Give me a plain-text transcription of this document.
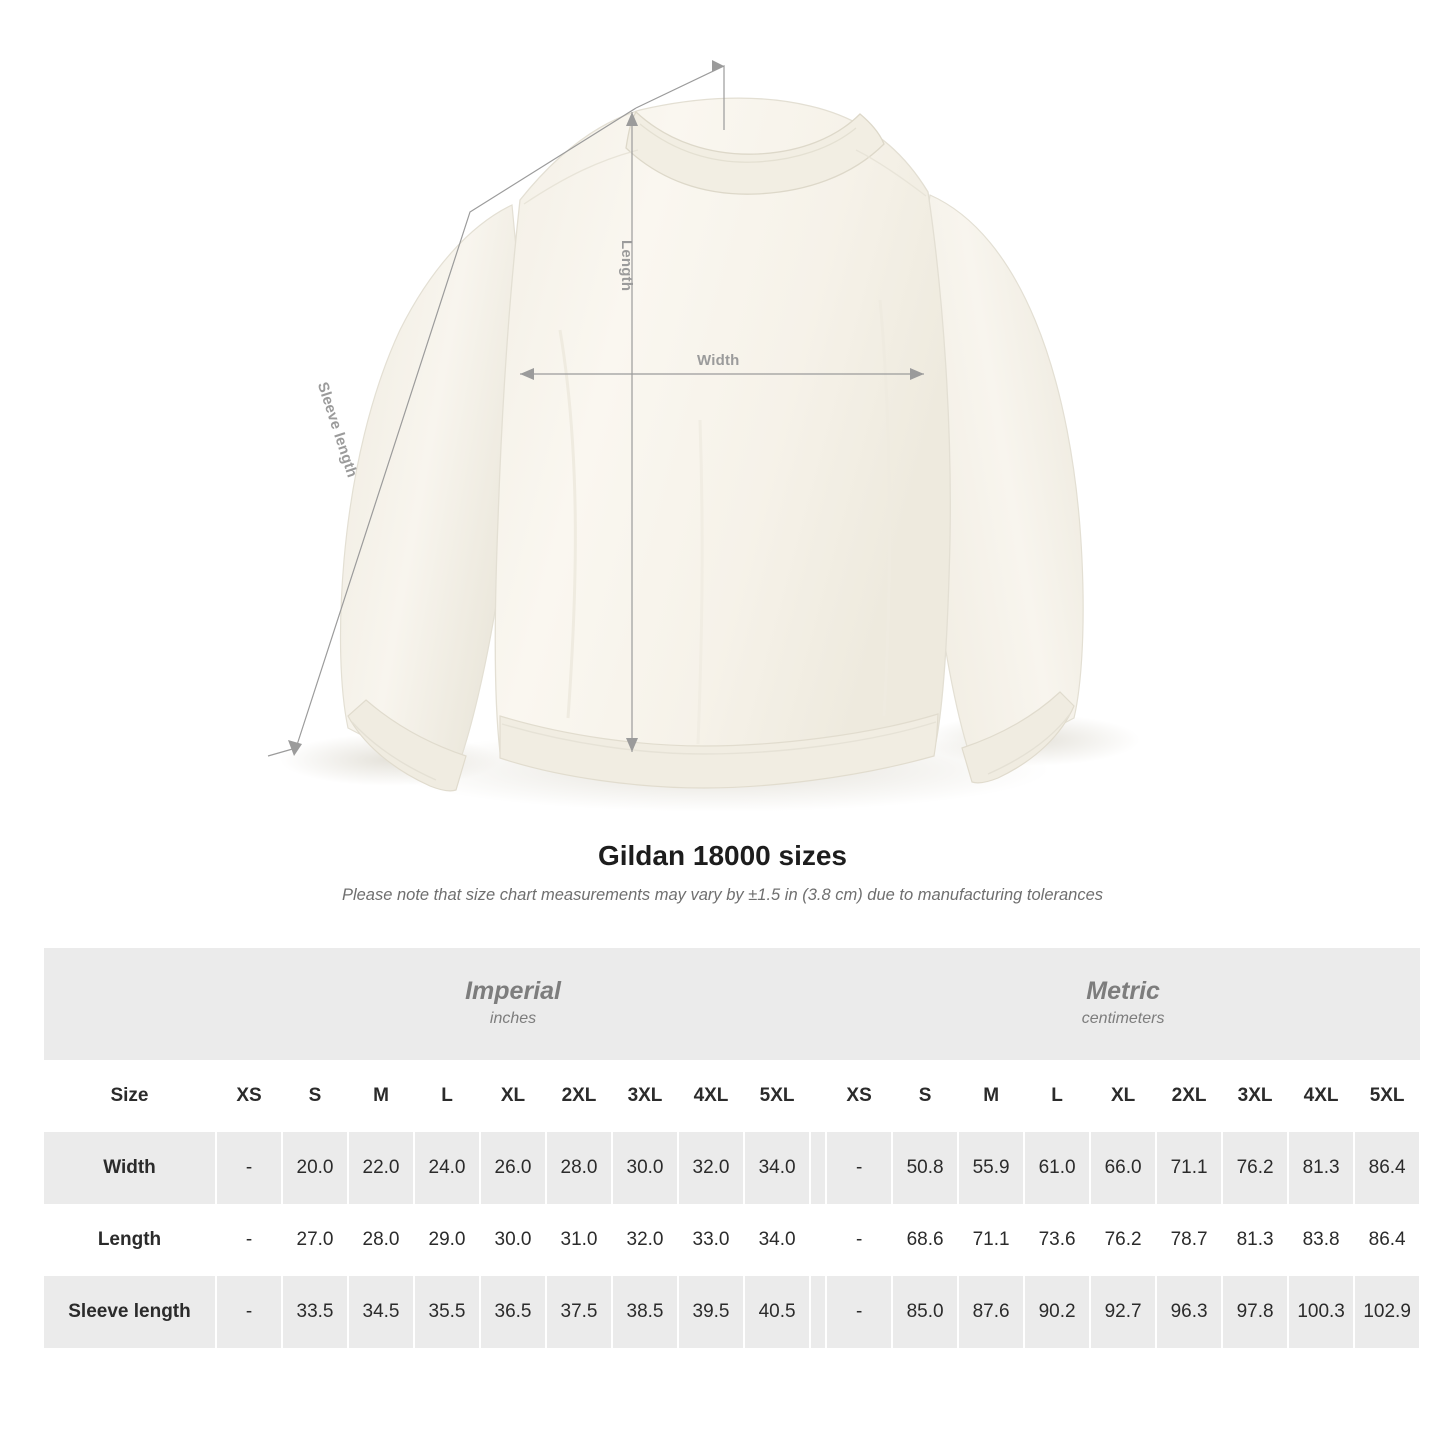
Length
Width
Sleeve length
Gildan 18000 sizes

Please note that size chart measurements may vary by ±1.5 in (3.8 cm) due to manufacturing tolerances

Imperial
inches

Metric
centimeters

Size	XS	S	M	L	XL	2XL	3XL	4XL	5XL		XS	S	M	L	XL	2XL	3XL	4XL	5XL
Width	-	20.0	22.0	24.0	26.0	28.0	30.0	32.0	34.0		-	50.8	55.9	61.0	66.0	71.1	76.2	81.3	86.4
Length	-	27.0	28.0	29.0	30.0	31.0	32.0	33.0	34.0		-	68.6	71.1	73.6	76.2	78.7	81.3	83.8	86.4
Sleeve length	-	33.5	34.5	35.5	36.5	37.5	38.5	39.5	40.5		-	85.0	87.6	90.2	92.7	96.3	97.8	100.3	102.9
